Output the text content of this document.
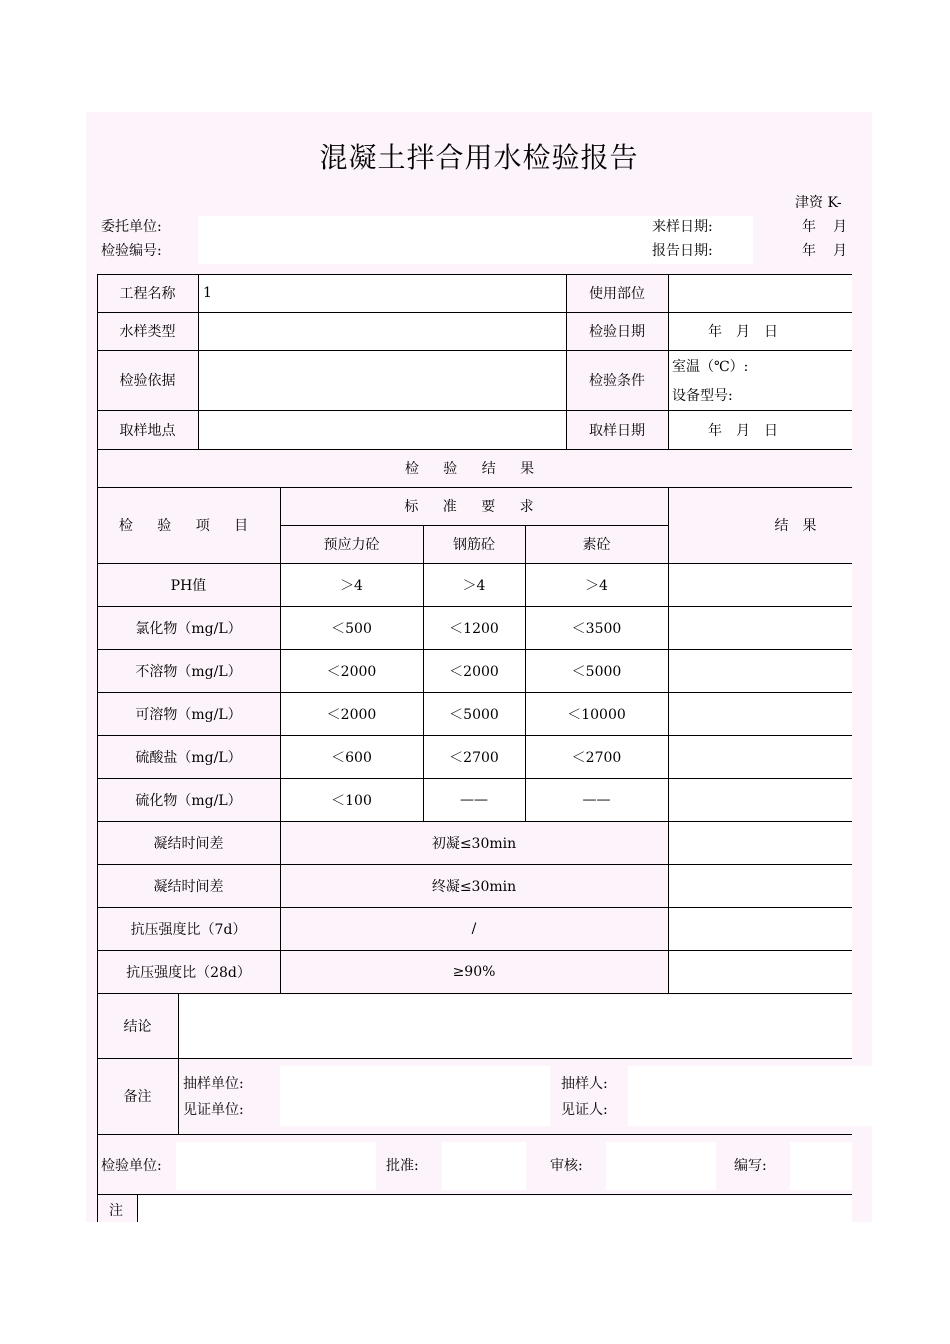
混凝土拌合用水检验报告
津资 K-
委托单位:
检验编号:
来样日期:
报告日期:
年 月
年 月
工程名称	1	使用部位
水样类型	检验日期	年　月　日
检验依据	检验条件
室温（℃）:
设备型号:
取样地点	取样日期	年　月　日
检 验 结 果
检 验 项 目
标 准 要 求
预应力砼	钢筋砼	素砼
结　果
PH值	＞4	＞4	＞4
氯化物（mg/L）	＜500	＜1200	＜3500
不溶物（mg/L）	＜2000	＜2000	＜5000
可溶物（mg/L）	＜2000	＜5000	＜10000
硫酸盐（mg/L）	＜600	＜2700	＜2700
硫化物（mg/L）	＜100	——	——
凝结时间差	初凝≤30min
凝结时间差	终凝≤30min
抗压强度比（7d）	/
抗压强度比（28d）	≥90%
结论
备注
抽样单位:
见证单位:
抽样人:
见证人:
检验单位:	批准:	审核:	编写:
注
